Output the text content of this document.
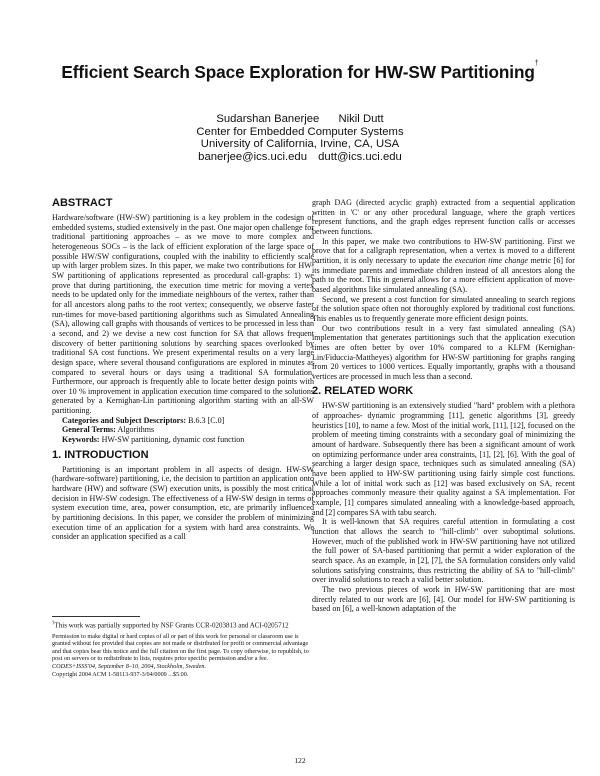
Efficient Search Space Exploration for HW-SW Partitioning†
Sudarshan Banerjee Nikil Dutt
Center for Embedded Computer Systems
University of California, Irvine, CA, USA
banerjee@ics.uci.edu dutt@ics.uci.edu
ABSTRACT

Hardware/software (HW-SW) partitioning is a key problem in the codesign of embedded systems, studied extensively in the past. One major open challenge for traditional partitioning approaches – as we move to more complex and heterogeneous SOCs – is the lack of efficient exploration of the large space of possible HW/SW configurations, coupled with the inability to efficiently scale up with larger problem sizes. In this paper, we make two contributions for HW-SW partitioning of applications represented as procedural call-graphs: 1) we prove that during partitioning, the execution time metric for moving a vertex needs to be updated only for the immediate neighbours of the vertex, rather than for all ancestors along paths to the root vertex; consequently, we observe faster run-times for move-based partitioning algorithms such as Simulated Annealing (SA), allowing call graphs with thousands of vertices to be processed in less than a second, and 2) we devise a new cost function for SA that allows frequent discovery of better partitioning solutions by searching spaces overlooked by traditional SA cost functions. We present experimental results on a very large design space, where several thousand configurations are explored in minutes as compared to several hours or days using a traditional SA formulation. Furthermore, our approach is frequently able to locate better design points with over 10 % improvement in application execution time compared to the solutions generated by a Kernighan-Lin partitioning algorithm starting with an all-SW partitioning.

Categories and Subject Descriptors: B.6.3 [C.0]

General Terms: Algorithms

Keywords: HW-SW partitioning, dynamic cost function

1. INTRODUCTION

Partitioning is an important problem in all aspects of design. HW-SW (hardware-software) partitioning, i.e, the decision to partition an application onto hardware (HW) and software (SW) execution units, is possibly the most critical decision in HW-SW codesign. The effectiveness of a HW-SW design in terms of system execution time, area, power consumption, etc, are primarily influenced by partitioning decisions. In this paper, we consider the problem of minimizing execution time of an application for a system with hard area constraints. We consider an application specified as a call

†This work was partially supported by NSF Grants CCR-0203813 and ACI-0205712
Permission to make digital or hard copies of all or part of this work for personal or classroom use is granted without fee provided that copies are not made or distributed for profit or commercial advantage and that copies bear this notice and the full citation on the first page. To copy otherwise, to republish, to post on servers or to redistribute to lists, requires prior specific permission and/or a fee.
CODES+ISSS'04, September 8–10, 2004, Stockholm, Sweden.
Copyright 2004 ACM 1-58113-937-3/04/0009 ...$5.00.

graph DAG (directed acyclic graph) extracted from a sequential application written in 'C' or any other procedural language, where the graph vertices represent functions, and the graph edges represent function calls or accesses between functions.

In this paper, we make two contributions to HW-SW partitioning. First we prove that for a callgraph representation, when a vertex is moved to a different partition, it is only necessary to update the execution time change metric [6] for its immediate parents and immediate children instead of all ancestors along the path to the root. This in general allows for a more efficient application of move-based algorithms like simulated annealing (SA).

Second, we present a cost function for simulated annealing to search regions of the solution space often not thoroughly explored by traditional cost functions. This enables us to frequently generate more efficient design points.

Our two contributions result in a very fast simulated annealing (SA) implementation that generates partitionings such that the application execution times are often better by over 10% compared to a KLFM (Kernighan-Lin/Fiduccia-Mattheyes) algorithm for HW-SW partitioning for graphs ranging from 20 vertices to 1000 vertices. Equally importantly, graphs with a thousand vertices are processed in much less than a second.

2. RELATED WORK

HW-SW partitioning is an extensively studied "hard" problem with a plethora of approaches- dynamic programming [11], genetic algorithms [3], greedy heuristics [10], to name a few. Most of the initial work, [11], [12], focused on the problem of meeting timing constraints with a secondary goal of minimizing the amount of hardware. Subsequently there has been a significant amount of work on optimizing performance under area constraints, [1], [2], [6]. With the goal of searching a larger design space, techniques such as simulated annealing (SA) have been applied to HW-SW partitioning using fairly simple cost functions. While a lot of initial work such as [12] was based exclusively on SA, recent approaches commonly measure their quality against a SA implementation. For example, [1] compares simulated annealing with a knowledge-based approach, and [2] compares SA with tabu search.

It is well-known that SA requires careful attention in formulating a cost function that allows the search to "hill-climb" over suboptimal solutions. However, much of the published work in HW-SW partitioning have not utilized the full power of SA-based partitioning that permit a wider exploration of the search space. As an example, in [2], [7], the SA formulation considers only valid solutions satisfying constraints, thus restricting the ability of SA to "hill-climb" over invalid solutions to reach a valid better solution.

The two previous pieces of work in HW-SW partitioning that are most directly related to our work are [6], [4]. Our model for HW-SW partitioning is based on [6], a well-known adaptation of the

122
